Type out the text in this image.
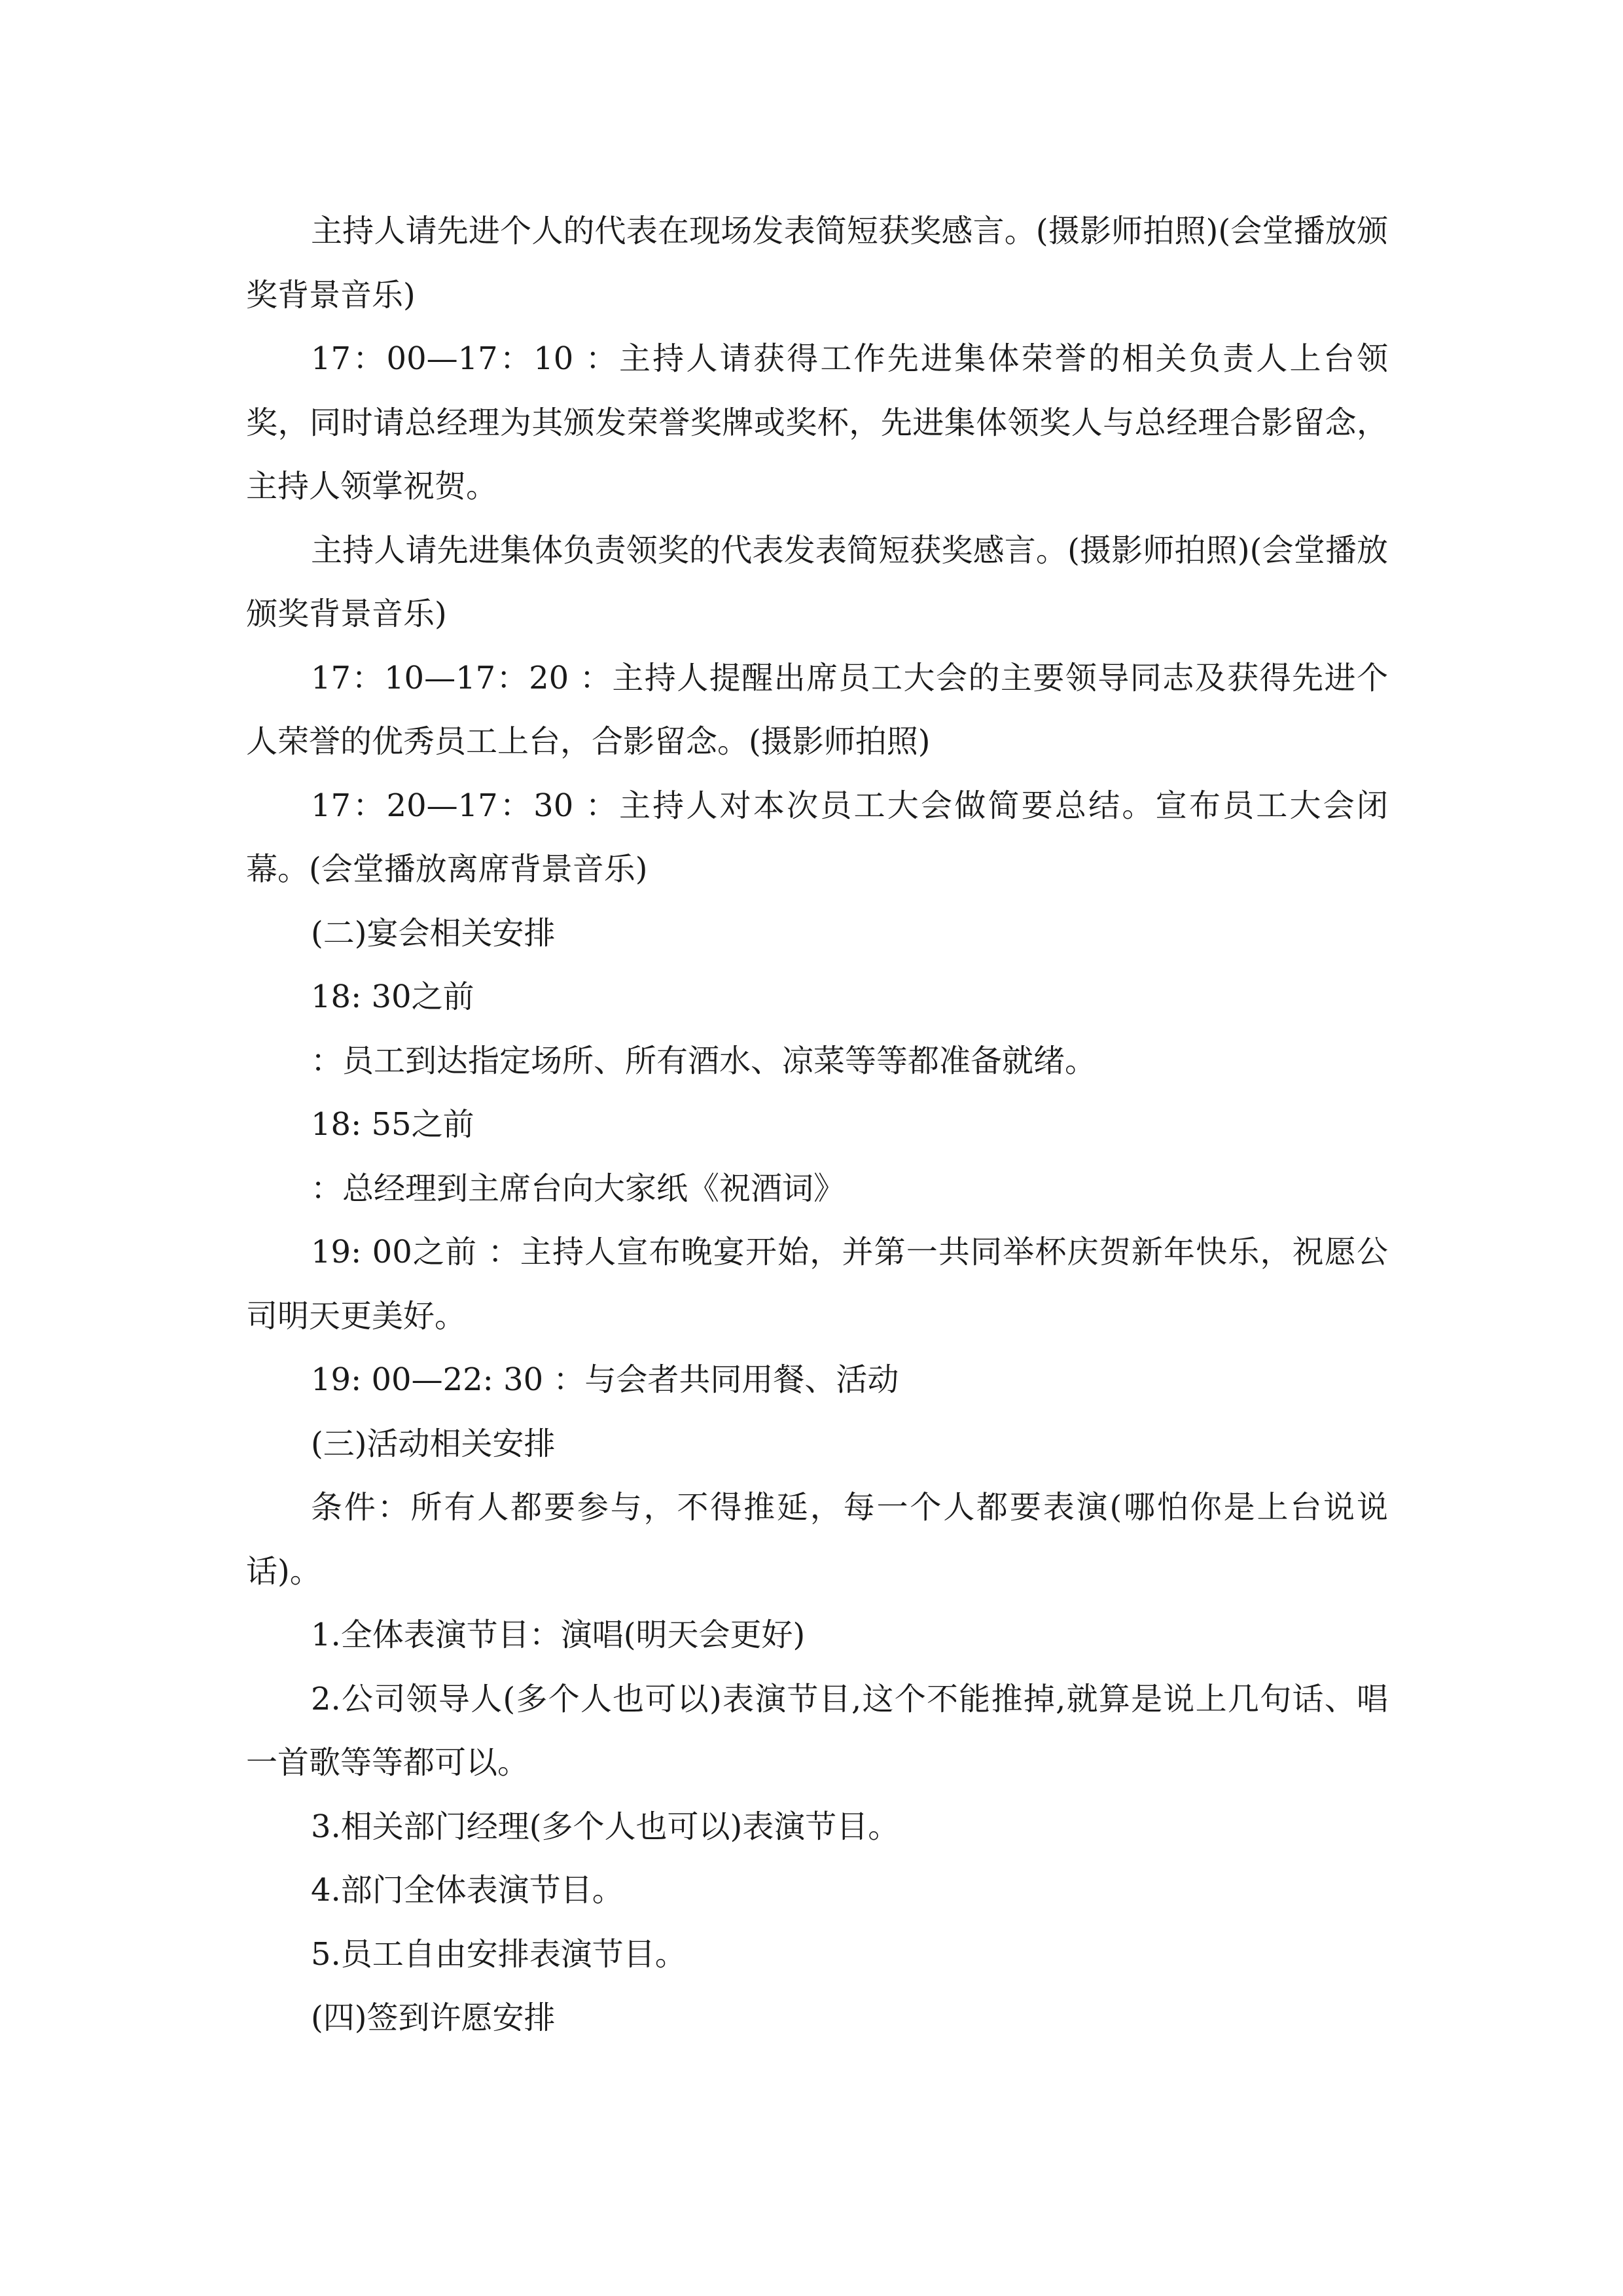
主持人请先进个人的代表在现场发表简短获奖感言。(摄影师拍照)(会堂播放颁奖背景音乐)

17：00—17：10 ：主持人请获得工作先进集体荣誉的相关负责人上台领奖，同时请总经理为其颁发荣誉奖牌或奖杯，先进集体领奖人与总经理合影留念，主持人领掌祝贺。

主持人请先进集体负责领奖的代表发表简短获奖感言。(摄影师拍照)(会堂播放颁奖背景音乐)

17：10—17：20 ：主持人提醒出席员工大会的主要领导同志及获得先进个人荣誉的优秀员工上台，合影留念。(摄影师拍照)

17：20—17：30 ：主持人对本次员工大会做简要总结。宣布员工大会闭幕。(会堂播放离席背景音乐)

(二)宴会相关安排

18: 30之前

：员工到达指定场所、所有酒水、凉菜等等都准备就绪。

18: 55之前

：总经理到主席台向大家纸《祝酒词》

19: 00之前 ：主持人宣布晚宴开始，并第一共同举杯庆贺新年快乐，祝愿公司明天更美好。

19: 00—22: 30 ：与会者共同用餐、活动

(三)活动相关安排

条件：所有人都要参与，不得推延，每一个人都要表演(哪怕你是上台说说话)。

1.全体表演节目：演唱(明天会更好)

2.公司领导人(多个人也可以)表演节目,这个不能推掉,就算是说上几句话、唱一首歌等等都可以。

3.相关部门经理(多个人也可以)表演节目。

4.部门全体表演节目。

5.员工自由安排表演节目。

(四)签到许愿安排
